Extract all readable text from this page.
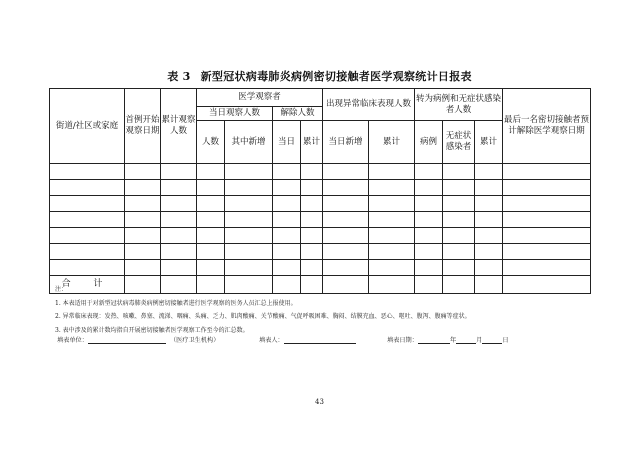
表 3 新型冠状病毒肺炎病例密切接触者医学观察统计日报表
街道/社区或家庭	首例开始观察日期	累计观察人数	医学观察者				出现异常临床表现人数		转为病例和无症状感染者人数			最后一名密切接触者预计解除医学观察日期
			当日观察人数		解除人数							
			人数	其中新增	当日	累计	当日新增	累计	病例	无症状感染者	累计	

合 计												
注：
1. 本表适用于对新型冠状病毒肺炎病例密切接触者进行医学观察的医务人员汇总上报使用。
2. 异常临床表现：发热、咳嗽、鼻塞、流涕、咽痛、头痛、乏力、肌肉酸痛、关节酸痛、气促呼吸困难、胸闷、结膜充血、恶心、呕吐、腹泻、腹痛等症状。
3. 表中涉及的累计数均指自开展密切接触者医学观察工作至今的汇总数。
填表单位：	（医疗卫生机构）	填表人：	填表日期：	年	月	日
43
